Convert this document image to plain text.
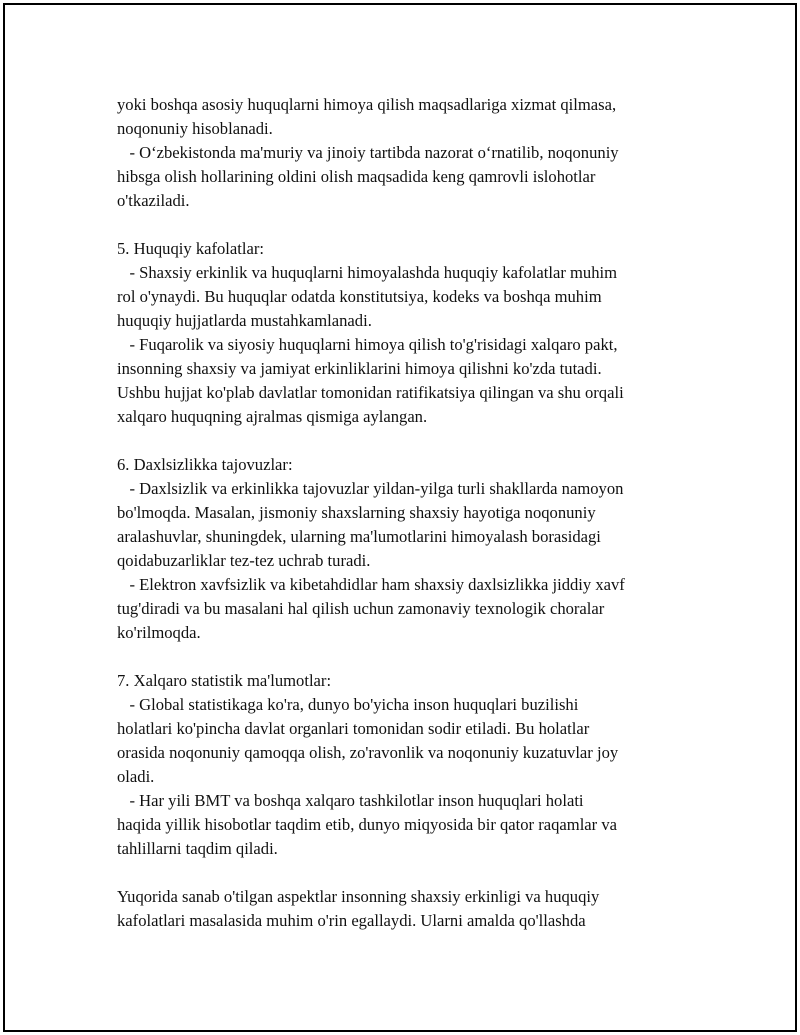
yoki boshqa asosiy huquqlarni himoya qilish maqsadlariga xizmat qilmasa,
noqonuniy hisoblanadi.
- O‘zbekistonda ma'muriy va jinoiy tartibda nazorat o‘rnatilib, noqonuniy
hibsga olish hollarining oldini olish maqsadida keng qamrovli islohotlar
o'tkaziladi.
5. Huquqiy kafolatlar:
- Shaxsiy erkinlik va huquqlarni himoyalashda huquqiy kafolatlar muhim
rol o'ynaydi. Bu huquqlar odatda konstitutsiya, kodeks va boshqa muhim
huquqiy hujjatlarda mustahkamlanadi.
- Fuqarolik va siyosiy huquqlarni himoya qilish to'g'risidagi xalqaro pakt,
insonning shaxsiy va jamiyat erkinliklarini himoya qilishni ko'zda tutadi.
Ushbu hujjat ko'plab davlatlar tomonidan ratifikatsiya qilingan va shu orqali
xalqaro huquqning ajralmas qismiga aylangan.
6. Daxlsizlikka tajovuzlar:
- Daxlsizlik va erkinlikka tajovuzlar yildan-yilga turli shakllarda namoyon
bo'lmoqda. Masalan, jismoniy shaxslarning shaxsiy hayotiga noqonuniy
aralashuvlar, shuningdek, ularning ma'lumotlarini himoyalash borasidagi
qoidabuzarliklar tez-tez uchrab turadi.
- Elektron xavfsizlik va kibetahdidlar ham shaxsiy daxlsizlikka jiddiy xavf
tug'diradi va bu masalani hal qilish uchun zamonaviy texnologik choralar
ko'rilmoqda.
7. Xalqaro statistik ma'lumotlar:
- Global statistikaga ko'ra, dunyo bo'yicha inson huquqlari buzilishi
holatlari ko'pincha davlat organlari tomonidan sodir etiladi. Bu holatlar
orasida noqonuniy qamoqqa olish, zo'ravonlik va noqonuniy kuzatuvlar joy
oladi.
- Har yili BMT va boshqa xalqaro tashkilotlar inson huquqlari holati
haqida yillik hisobotlar taqdim etib, dunyo miqyosida bir qator raqamlar va
tahlillarni taqdim qiladi.
Yuqorida sanab o'tilgan aspektlar insonning shaxsiy erkinligi va huquqiy
kafolatlari masalasida muhim o'rin egallaydi. Ularni amalda qo'llashda
